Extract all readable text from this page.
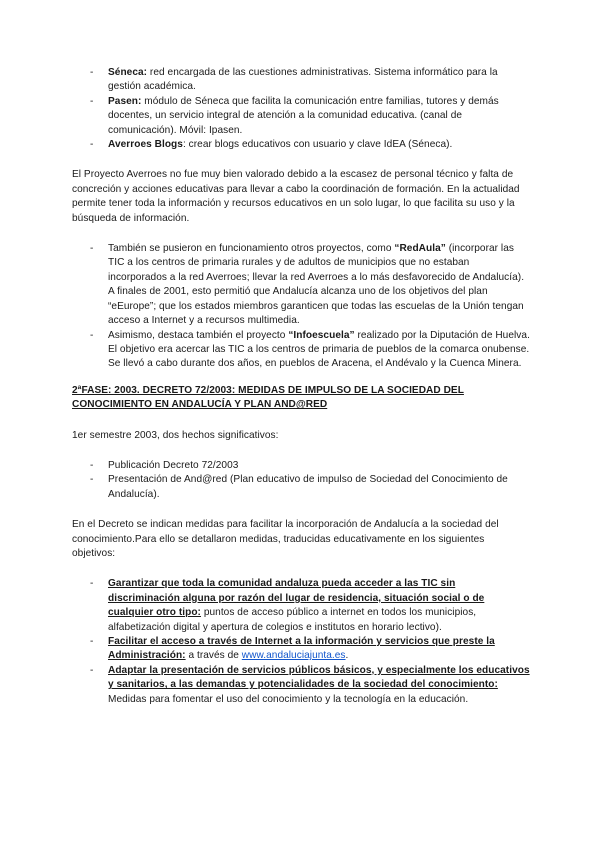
- Séneca: red encargada de las cuestiones administrativas. Sistema informático para la gestión académica.
- Pasen: módulo de Séneca que facilita la comunicación entre familias, tutores y demás docentes, un servicio integral de atención a la comunidad educativa. (canal de comunicación). Móvil: Ipasen.
- Averroes Blogs: crear blogs educativos con usuario y clave IdEA (Séneca).

El Proyecto Averroes no fue muy bien valorado debido a la escasez de personal técnico y falta de concreción y acciones educativas para llevar a cabo la coordinación de formación. En la actualidad permite tener toda la información y recursos educativos en un solo lugar, lo que facilita su uso y la búsqueda de información.

- También se pusieron en funcionamiento otros proyectos, como “RedAula” (incorporar las TIC a los centros de primaria rurales y de adultos de municipios que no estaban incorporados a la red Averroes; llevar la red Averroes a lo más desfavorecido de Andalucía). A finales de 2001, esto permitió que Andalucía alcanza uno de los objetivos del plan “eEurope”; que los estados miembros garanticen que todas las escuelas de la Unión tengan acceso a Internet y a recursos multimedia.
- Asimismo, destaca también el proyecto “Infoescuela” realizado por la Diputación de Huelva. El objetivo era acercar las TIC a los centros de primaria de pueblos de la comarca onubense. Se llevó a cabo durante dos años, en pueblos de Aracena, el Andévalo y la Cuenca Minera.

2ªFASE: 2003. DECRETO 72/2003: MEDIDAS DE IMPULSO DE LA SOCIEDAD DEL CONOCIMIENTO EN ANDALUCÍA Y PLAN AND@RED

1er semestre 2003, dos hechos significativos:

- Publicación Decreto 72/2003
- Presentación de And@red (Plan educativo de impulso de Sociedad del Conocimiento de Andalucía).

En el Decreto se indican medidas para facilitar la incorporación de Andalucía a la sociedad del conocimiento.Para ello se detallaron medidas, traducidas educativamente en los siguientes objetivos:

- Garantizar que toda la comunidad andaluza pueda acceder a las TIC sin discriminación alguna por razón del lugar de residencia, situación social o de cualquier otro tipo: puntos de acceso público a internet en todos los municipios, alfabetización digital y apertura de colegios e institutos en horario lectivo).
- Facilitar el acceso a través de Internet a la información y servicios que preste la Administración: a través de www.andaluciajunta.es.
- Adaptar la presentación de servicios públicos básicos, y especialmente los educativos y sanitarios, a las demandas y potencialidades de la sociedad del conocimiento: Medidas para fomentar el uso del conocimiento y la tecnología en la educación.
